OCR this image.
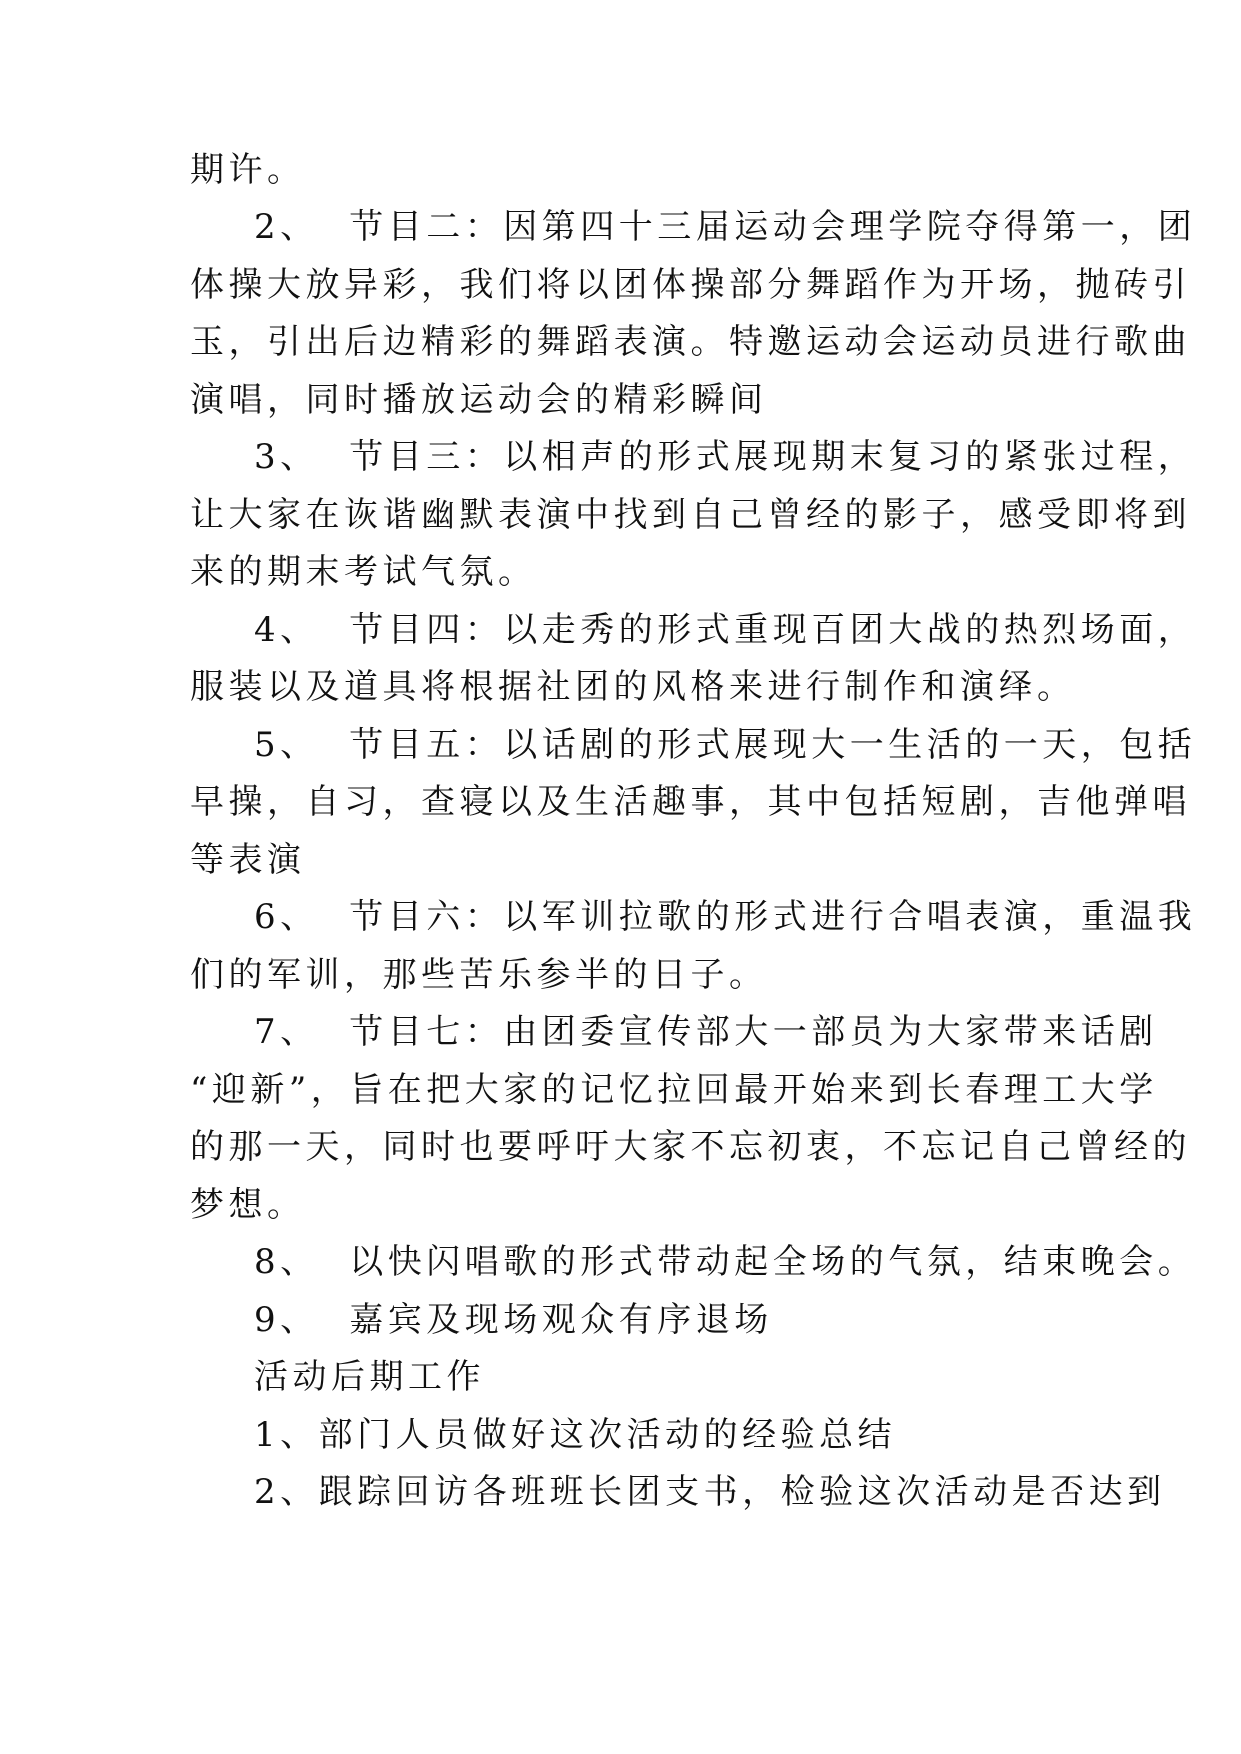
期许。
2、  节目二：因第四十三届运动会理学院夺得第一，团
体操大放异彩，我们将以团体操部分舞蹈作为开场，抛砖引
玉，引出后边精彩的舞蹈表演。特邀运动会运动员进行歌曲
演唱，同时播放运动会的精彩瞬间
3、  节目三：以相声的形式展现期末复习的紧张过程，
让大家在诙谐幽默表演中找到自己曾经的影子，感受即将到
来的期末考试气氛。
4、  节目四：以走秀的形式重现百团大战的热烈场面，
服装以及道具将根据社团的风格来进行制作和演绎。
5、  节目五：以话剧的形式展现大一生活的一天，包括
早操，自习，查寝以及生活趣事，其中包括短剧，吉他弹唱
等表演
6、  节目六：以军训拉歌的形式进行合唱表演，重温我
们的军训，那些苦乐参半的日子。
7、  节目七：由团委宣传部大一部员为大家带来话剧
“迎新”，旨在把大家的记忆拉回最开始来到长春理工大学
的那一天，同时也要呼吁大家不忘初衷，不忘记自己曾经的
梦想。
8、  以快闪唱歌的形式带动起全场的气氛，结束晚会。
9、  嘉宾及现场观众有序退场
活动后期工作
1、部门人员做好这次活动的经验总结
2、跟踪回访各班班长团支书，检验这次活动是否达到
